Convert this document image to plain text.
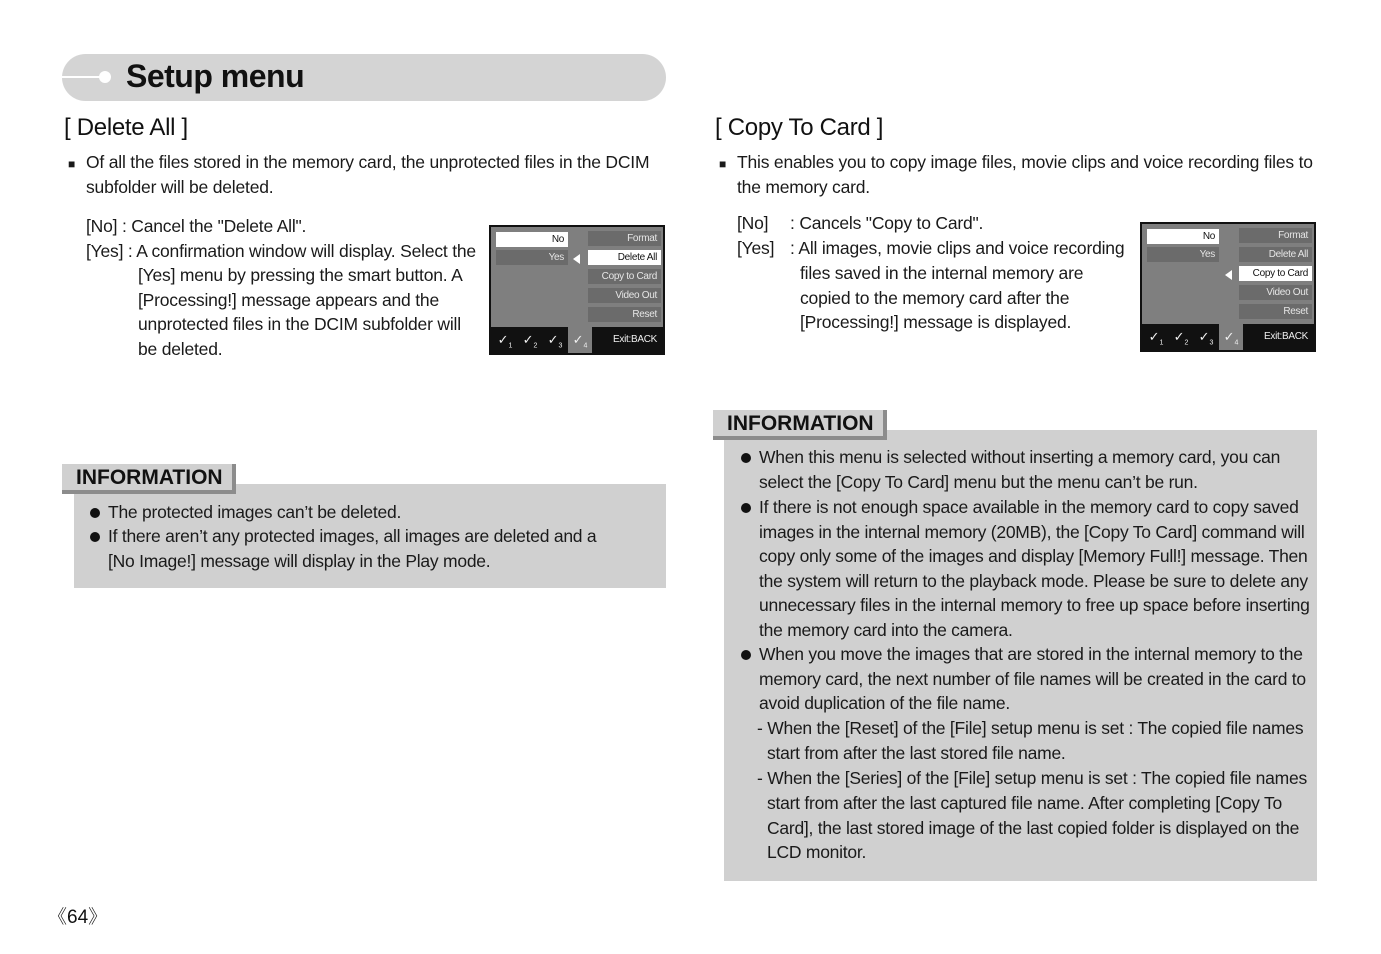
Setup menu
[ Delete All ]
■ Of all the files stored in the memory card, the unprotected files in the DCIM
subfolder will be deleted.
[No] : Cancel the "Delete All".
[Yes] : A confirmation window will display. Select the
[Yes] menu by pressing the smart button. A
[Processing!] message appears and the
unprotected files in the DCIM subfolder will
be deleted.
No
Yes
Format
Delete All
Copy to Card
Video Out
Reset
$✓_1$ $✓_2$ $✓_3$ $✓_4$
Exit:BACK
INFORMATION
The protected images can’t be deleted.
If there aren’t any protected images, all images are deleted and a
[No Image!] message will display in the Play mode.
[ Copy To Card ]
■ This enables you to copy image files, movie clips and voice recording files to
the memory card.
[No] : Cancels "Copy to Card".
[Yes] : All images, movie clips and voice recording
files saved in the internal memory are
copied to the memory card after the
[Processing!] message is displayed.
No
Yes
Format
Delete All
Copy to Card
Video Out
Reset
$✓_1$ $✓_2$ $✓_3$ $✓_4$
Exit:BACK
INFORMATION
When this menu is selected without inserting a memory card, you can
select the [Copy To Card] menu but the menu can’t be run.
If there is not enough space available in the memory card to copy saved
images in the internal memory (20MB), the [Copy To Card] command will
copy only some of the images and display [Memory Full!] message. Then
the system will return to the playback mode. Please be sure to delete any
unnecessary files in the internal memory to free up space before inserting
the memory card into the camera.
When you move the images that are stored in the internal memory to the
memory card, the next number of file names will be created in the card to
avoid duplication of the file name.
- When the [Reset] of the [File] setup menu is set : The copied file names
start from after the last stored file name.
- When the [Series] of the [File] setup menu is set : The copied file names
start from after the last captured file name. After completing [Copy To
Card], the last stored image of the last copied folder is displayed on the
LCD monitor.
《64》
